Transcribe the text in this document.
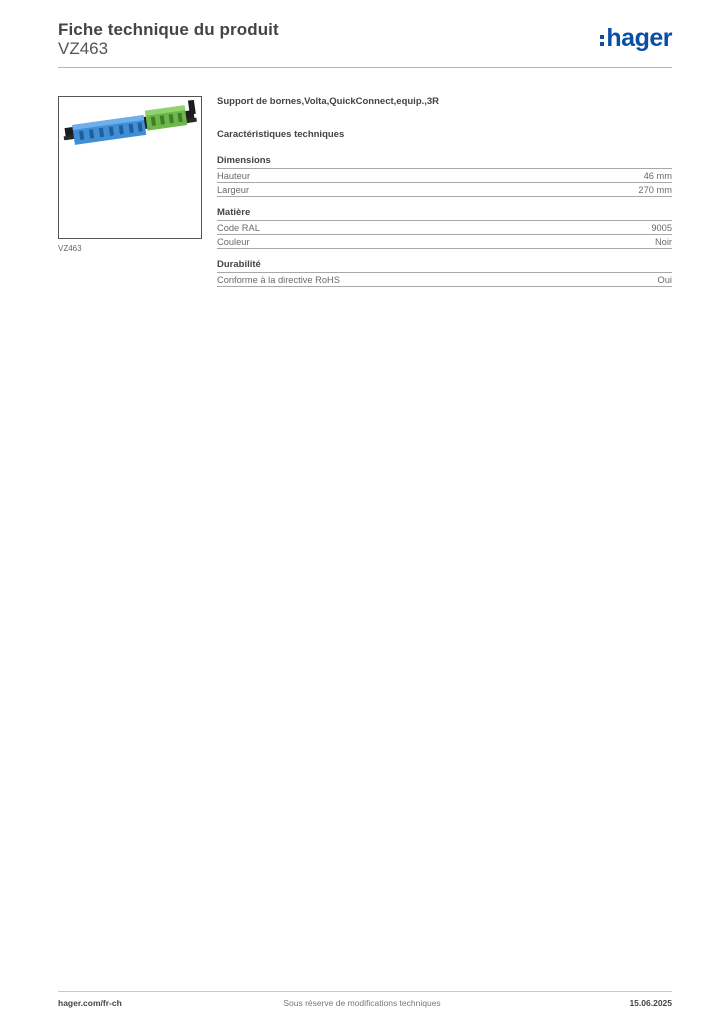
Fiche technique du produit
VZ463	hager
VZ463
Support de bornes,Volta,QuickConnect,equip.,3R
Caractéristiques techniques
Dimensions
Hauteur	46 mm
Largeur	270 mm
Matière
Code RAL	9005
Couleur	Noir
Durabilité
Conforme à la directive RoHS	Oui
hager.com/fr-ch	Sous réserve de modifications techniques	15.06.2025
